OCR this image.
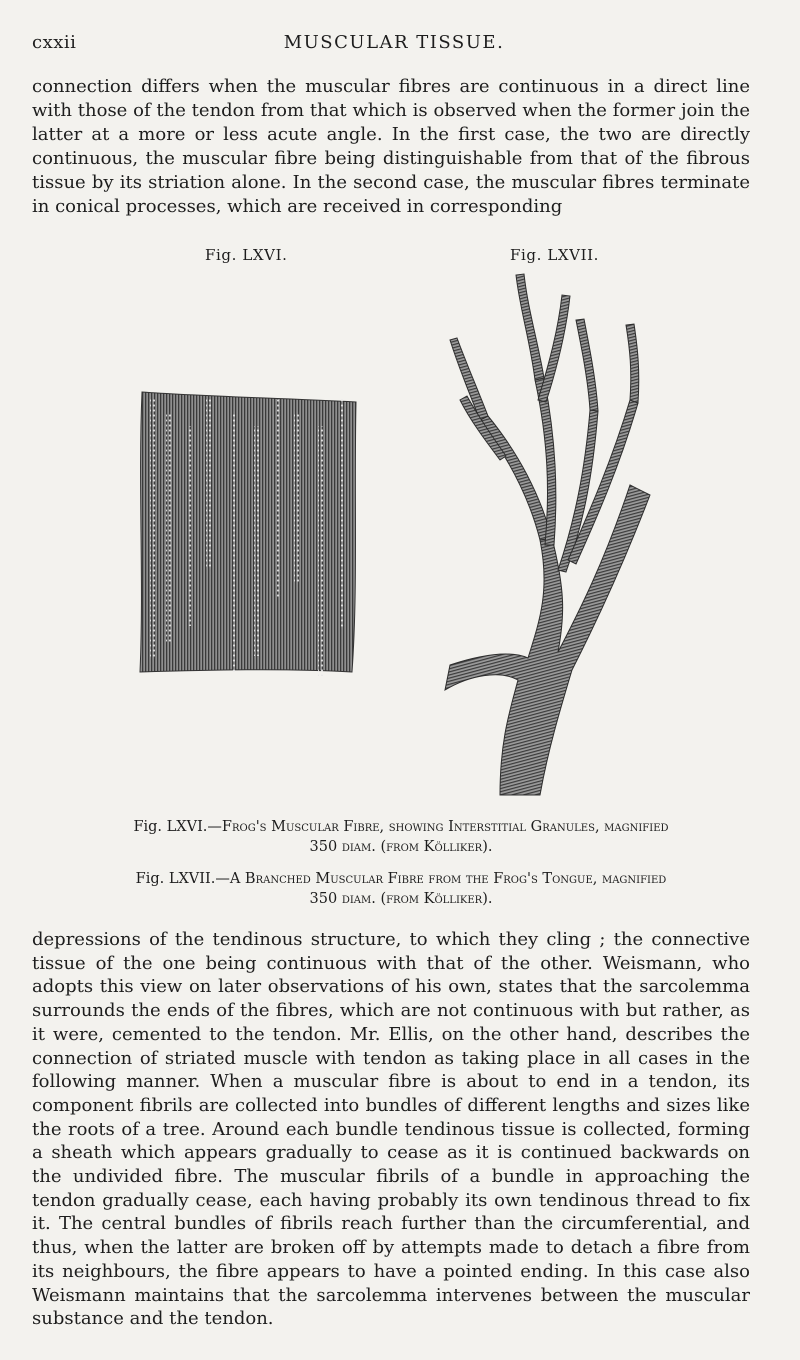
cxxii	MUSCULAR TISSUE.
connection differs when the muscular fibres are continuous in a direct line with those of the tendon from that which is observed when the former join the latter at a more or less acute angle. In the first case, the two are directly continuous, the muscular fibre being distinguishable from that of the fibrous tissue by its striation alone. In the second case, the muscular fibres terminate in conical processes, which are received in corresponding
Fig. LXVI.	Fig. LXVII.
Fig. LXVI.—Frog's Muscular Fibre, showing Interstitial Granules, magnified
350 diam. (from Kölliker).
Fig. LXVII.—A Branched Muscular Fibre from the Frog's Tongue, magnified
350 diam. (from Kölliker).
depressions of the tendinous structure, to which they cling ; the connective tissue of the one being continuous with that of the other. Weismann, who adopts this view on later observations of his own, states that the sarcolemma surrounds the ends of the fibres, which are not continuous with but rather, as it were, cemented to the tendon. Mr. Ellis, on the other hand, describes the connection of striated muscle with tendon as taking place in all cases in the following manner. When a muscular fibre is about to end in a tendon, its component fibrils are collected into bundles of different lengths and sizes like the roots of a tree. Around each bundle tendinous tissue is collected, forming a sheath which appears gradually to cease as it is continued backwards on the undivided fibre. The muscular fibrils of a bundle in approaching the tendon gradually cease, each having probably its own tendinous thread to fix it. The central bundles of fibrils reach further than the circumferential, and thus, when the latter are broken off by attempts made to detach a fibre from its neighbours, the fibre appears to have a pointed ending. In this case also Weismann maintains that the sarcolemma intervenes between the muscular substance and the tendon.
